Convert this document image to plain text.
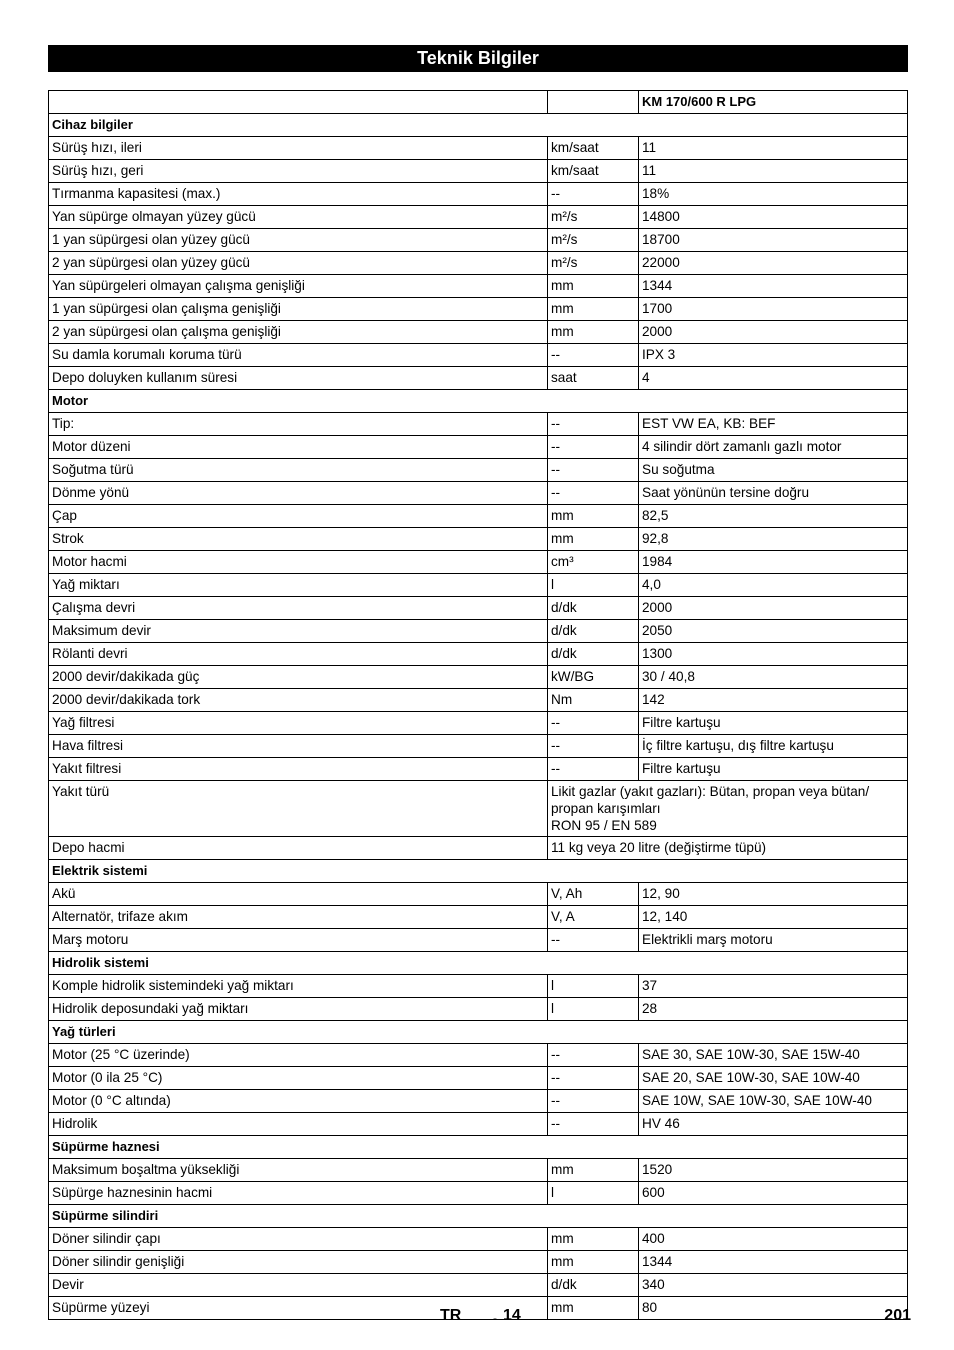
Teknik Bilgiler
		KM 170/600 R LPG
Cihaz bilgiler		
Sürüş hızı, ileri	km/saat	11
Sürüş hızı, geri	km/saat	11
Tırmanma kapasitesi (max.)	--	18%
Yan süpürge olmayan yüzey gücü	m²/s	14800
1 yan süpürgesi olan yüzey gücü	m²/s	18700
2 yan süpürgesi olan yüzey gücü	m²/s	22000
Yan süpürgeleri olmayan çalışma genişliği	mm	1344
1 yan süpürgesi olan çalışma genişliği	mm	1700
2 yan süpürgesi olan çalışma genişliği	mm	2000
Su damla korumalı koruma türü	--	IPX 3
Depo doluyken kullanım süresi	saat	4
Motor		
Tip:	--	EST VW EA, KB: BEF
Motor düzeni	--	4 silindir dört zamanlı gazlı motor
Soğutma türü	--	Su soğutma
Dönme yönü	--	Saat yönünün tersine doğru
Çap	mm	82,5
Strok	mm	92,8
Motor hacmi	cm³	1984
Yağ miktarı	l	4,0
Çalışma devri	d/dk	2000
Maksimum devir	d/dk	2050
Rölanti devri	d/dk	1300
2000 devir/dakikada güç	kW/BG	30 / 40,8
2000 devir/dakikada tork	Nm	142
Yağ filtresi	--	Filtre kartuşu
Hava filtresi	--	İç filtre kartuşu, dış filtre kartuşu
Yakıt filtresi	--	Filtre kartuşu
Yakıt türü	Likit gazlar (yakıt gazları): Bütan, propan veya bütan/ propan karışımları
RON 95 / EN 589	
Depo hacmi	11 kg veya 20 litre (değiştirme tüpü)	
Elektrik sistemi		
Akü	V, Ah	12, 90
Alternatör, trifaze akım	V, A	12, 140
Marş motoru	--	Elektrikli marş motoru
Hidrolik sistemi		
Komple hidrolik sistemindeki yağ miktarı	l	37
Hidrolik deposundaki yağ miktarı	l	28
Yağ türleri		
Motor (25 °C üzerinde)	--	SAE 30, SAE 10W-30, SAE 15W-40
Motor (0 ila 25 °C)	--	SAE 20, SAE 10W-30, SAE 10W-40
Motor (0 °C altında)	--	SAE 10W, SAE 10W-30, SAE 10W-40
Hidrolik	--	HV 46
Süpürme haznesi		
Maksimum boşaltma yüksekliği	mm	1520
Süpürge haznesinin hacmi	l	600
Süpürme silindiri		
Döner silindir çapı	mm	400
Döner silindir genişliği	mm	1344
Devir	d/dk	340
Süpürme yüzeyi	mm	80
TR	- 14	201
